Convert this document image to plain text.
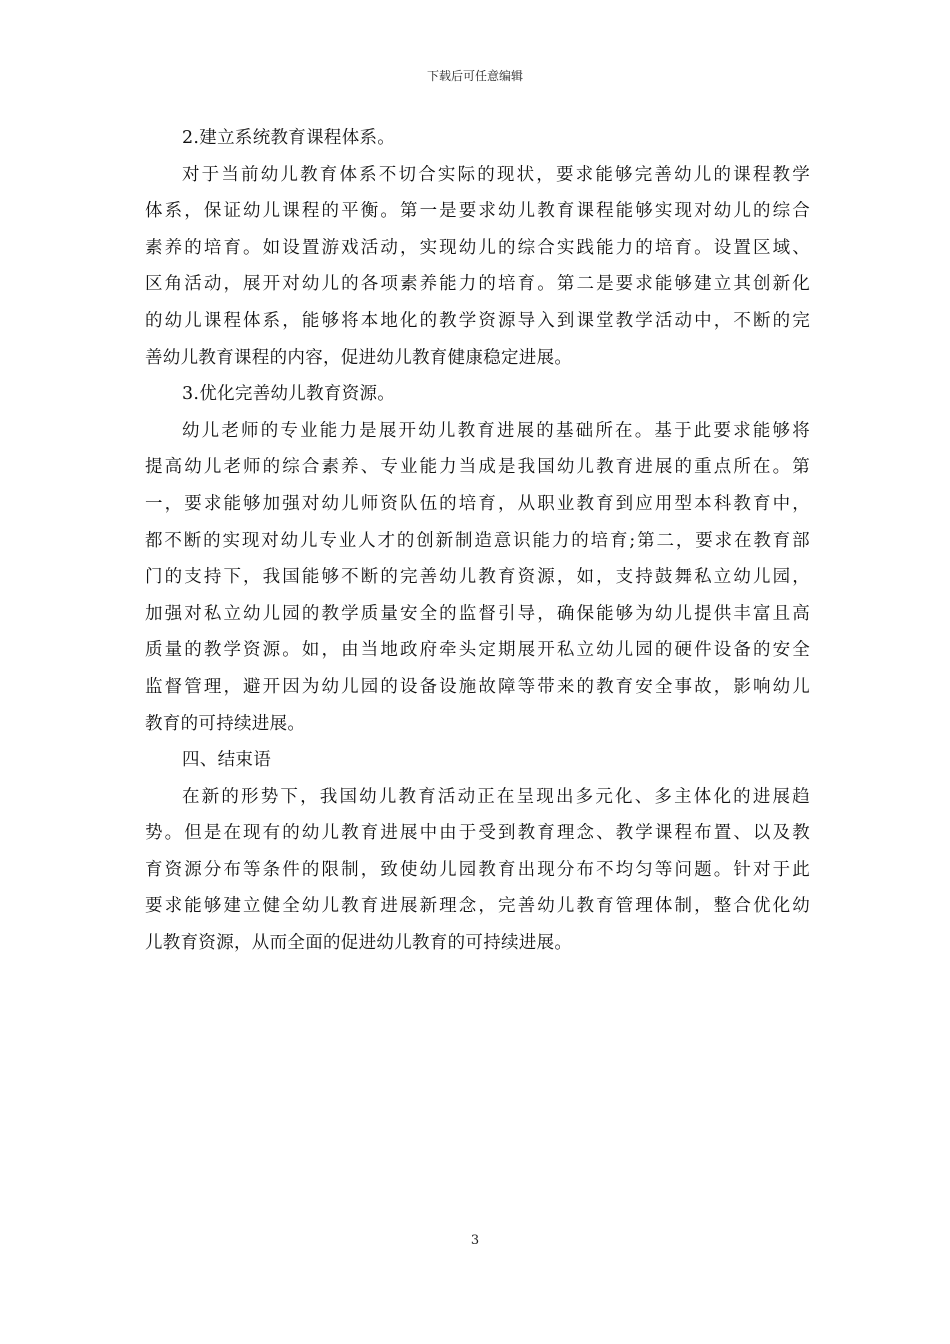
下载后可任意编辑
2.建立系统教育课程体系。
对于当前幼儿教育体系不切合实际的现状，要求能够完善幼儿的课程教学
体系，保证幼儿课程的平衡。第一是要求幼儿教育课程能够实现对幼儿的综合
素养的培育。如设置游戏活动，实现幼儿的综合实践能力的培育。设置区域、
区角活动，展开对幼儿的各项素养能力的培育。第二是要求能够建立其创新化
的幼儿课程体系，能够将本地化的教学资源导入到课堂教学活动中，不断的完
善幼儿教育课程的内容，促进幼儿教育健康稳定进展。
3.优化完善幼儿教育资源。
幼儿老师的专业能力是展开幼儿教育进展的基础所在。基于此要求能够将
提高幼儿老师的综合素养、专业能力当成是我国幼儿教育进展的重点所在。第
一，要求能够加强对幼儿师资队伍的培育，从职业教育到应用型本科教育中，
都不断的实现对幼儿专业人才的创新制造意识能力的培育;第二，要求在教育部
门的支持下，我国能够不断的完善幼儿教育资源，如，支持鼓舞私立幼儿园，
加强对私立幼儿园的教学质量安全的监督引导，确保能够为幼儿提供丰富且高
质量的教学资源。如，由当地政府牵头定期展开私立幼儿园的硬件设备的安全
监督管理，避开因为幼儿园的设备设施故障等带来的教育安全事故，影响幼儿
教育的可持续进展。
四、结束语
在新的形势下，我国幼儿教育活动正在呈现出多元化、多主体化的进展趋
势。但是在现有的幼儿教育进展中由于受到教育理念、教学课程布置、以及教
育资源分布等条件的限制，致使幼儿园教育出现分布不均匀等问题。针对于此
要求能够建立健全幼儿教育进展新理念，完善幼儿教育管理体制，整合优化幼
儿教育资源，从而全面的促进幼儿教育的可持续进展。
3
